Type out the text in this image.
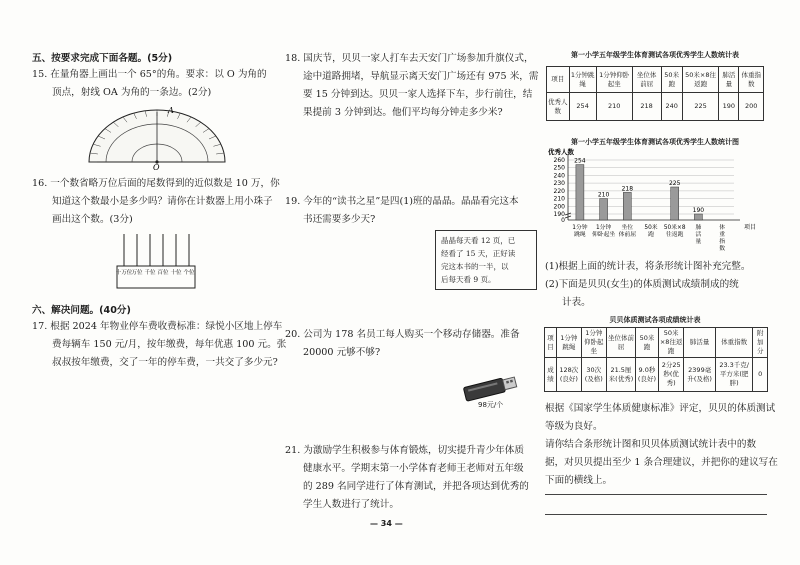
五、按要求完成下面各题。(5分)
15. 在量角器上画出一个 65°的角。要求：以 O 为角的
顶点，射线 OA 为角的一条边。(2分)
A
O
16. 一个数省略万位后面的尾数得到的近似数是 10 万，你
知道这个数最小是多少吗？请你在计数器上用小珠子
画出这个数。(3分)
十万位 万位 千位 百位 十位 个位
六、解决问题。(40分)
17. 根据 2024 年物业停车费收费标准：绿悦小区地上停车
费每辆车 150 元/月，按年缴费，每年优惠 100 元。张
叔叔按年缴费，交了一年的停车费，一共交了多少元?
18. 国庆节，贝贝一家人打车去天安门广场参加升旗仪式，
途中道路拥堵，导航显示离天安门广场还有 975 米，需
要 15 分钟到达。贝贝一家人选择下车，步行前往，结
果提前 3 分钟到达。他们平均每分钟走多少米?
19. 今年的“读书之星”是四(1)班的晶晶。晶晶看完这本
书还需要多少天?
晶晶每天看 12 页，已
经看了 15 天，正好读
完这本书的一半，以
后每天看 9 页。
20. 公司为 178 名员工每人购买一个移动存储器。准备
20000 元够不够?
98元/个
21. 为激励学生积极参与体育锻炼，切实提升青少年体质
健康水平。学期末第一小学体育老师王老师对五年级
的 289 名同学进行了体育测试，并把各项达到优秀的
学生人数进行了统计。
— 34 —
第一小学五年级学生体育测试各项优秀学生人数统计表
项目	1分钟跳绳	1分钟仰卧起坐	坐位体前屈	50米跑	50米×8往返跑	肺活量	体重指数
优秀人数	254	210	218	240	225	190	200
第一小学五年级学生体育测试各项优秀学生人数统计图
优秀人数
190
200
210
220
230
240
250
260
0
254
1分钟
跳绳
210
1分钟
仰卧起坐
218
坐位
体前屈
50米
跑
225
50米×8
往返跑
190
肺
活
量
体
重
指
数
项目
(1)根据上面的统计表，将条形统计图补充完整。
(2)下面是贝贝(女生)的体质测试成绩制成的统
计表。
贝贝体质测试各项成绩统计表
项目	1分钟跳绳	1分钟仰卧起坐	坐位体前屈	50米跑	50米×8往返跑	肺活量	体重指数	附加分
成绩	128次(良好)	30次(及格)	21.5厘米(优秀)	9.0秒(良好)	2分25秒(优秀)	2399毫升(及格)	23.3千克/平方米(肥胖)	0
根据《国家学生体质健康标准》评定，贝贝的体质测试
等级为良好。
请你结合条形统计图和贝贝体质测试统计表中的数
据，对贝贝提出至少 1 条合理建议，并把你的建议写在
下面的横线上。
